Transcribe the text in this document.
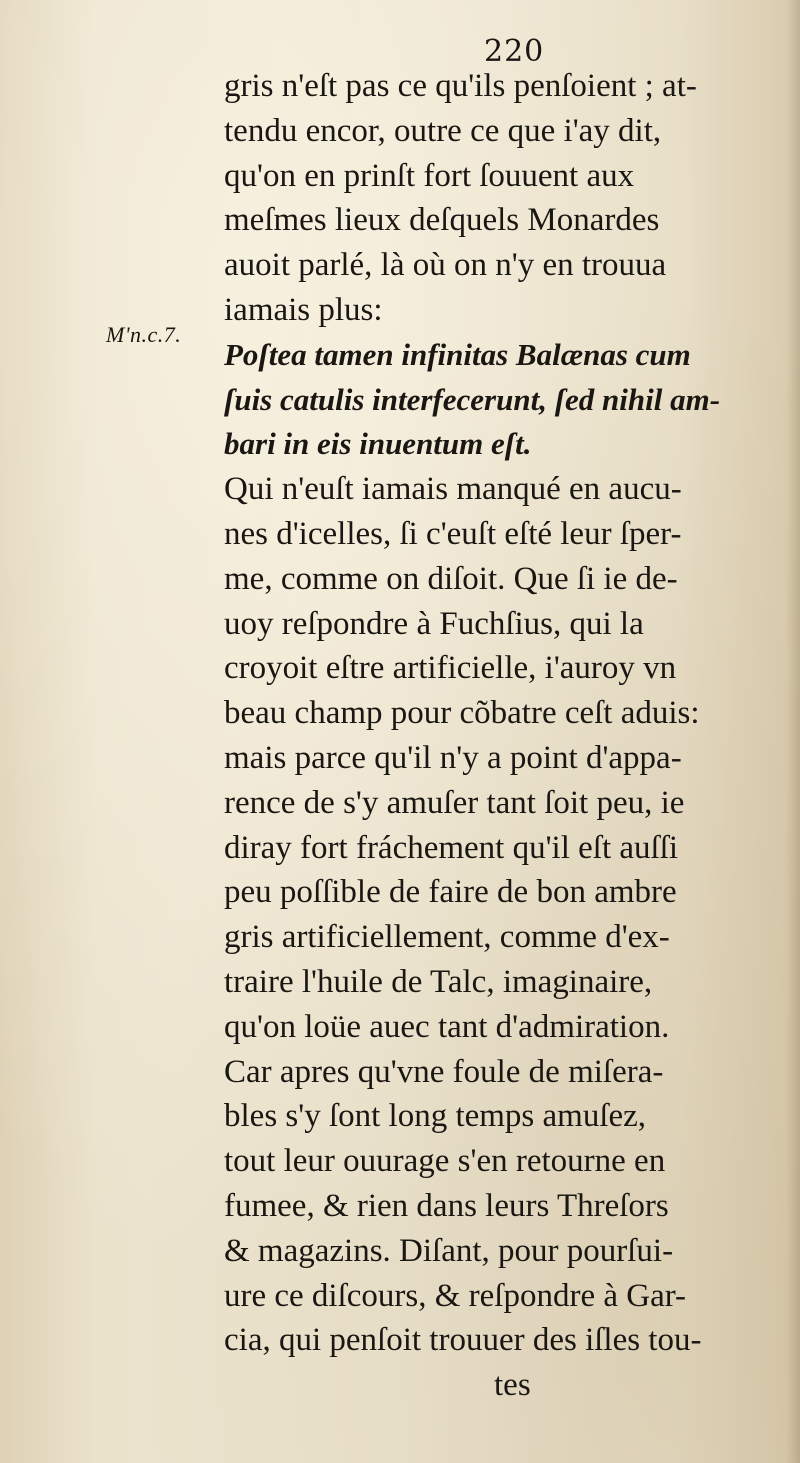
220
M'n.c.7.
gris n'eſt pas ce qu'ils penſoient ; at-
tendu encor, outre ce que i'ay dit,
qu'on en prinſt fort ſouuent aux
meſmes lieux deſquels Monardes
auoit parlé, là où on n'y en trouua
iamais plus:
Poſtea tamen infinitas Balænas cum
ſuis catulis interfecerunt, ſed nihil am-
bari in eis inuentum eſt.
Qui n'euſt iamais manqué en aucu-
nes d'icelles, ſi c'euſt eſté leur ſper-
me, comme on diſoit. Que ſi ie de-
uoy reſpondre à Fuchſius, qui la
croyoit eſtre artificielle, i'auroy vn
beau champ pour cõbatre ceſt aduis:
mais parce qu'il n'y a point d'appa-
rence de s'y amuſer tant ſoit peu, ie
diray fort fráchement qu'il eſt auſſi
peu poſſible de faire de bon ambre
gris artificiellement, comme d'ex-
traire l'huile de Talc, imaginaire,
qu'on loüe auec tant d'admiration.
Car apres qu'vne foule de miſera-
bles s'y ſont long temps amuſez,
tout leur ouurage s'en retourne en
fumee, & rien dans leurs Threſors
& magazins. Diſant, pour pourſui-
ure ce diſcours, & reſpondre à Gar-
cia, qui penſoit trouuer des iſles tou-
tes
